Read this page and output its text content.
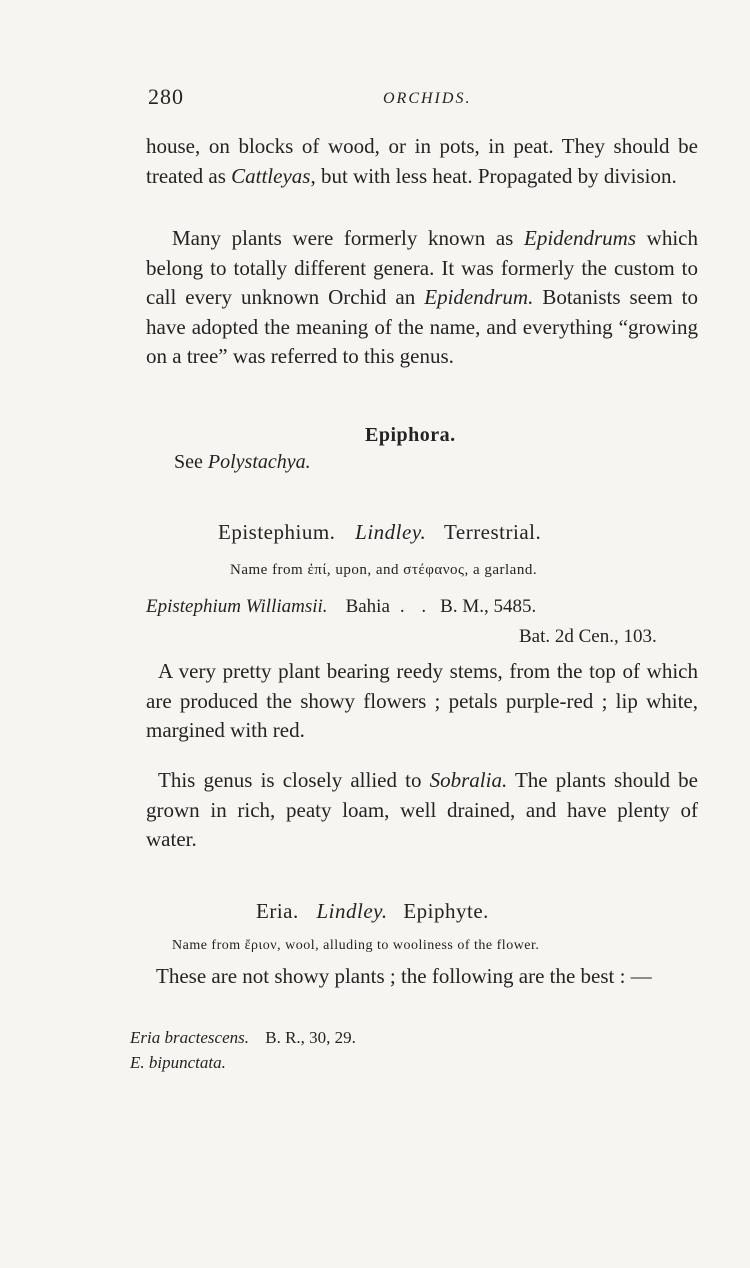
280	ORCHIDS.
house, on blocks of wood, or in pots, in peat. They should be treated as Cattleyas, but with less heat. Propagated by division.
Many plants were formerly known as Epidendrums which belong to totally different genera. It was formerly the custom to call every unknown Orchid an Epidendrum. Botanists seem to have adopted the meaning of the name, and everything “growing on a tree” was referred to this genus.
Epiphora.
See Polystachya.
Epistephium. Lindley. Terrestrial.
Name from ἐπί, upon, and στέφανος, a garland.
Epistephium Williamsii. Bahia . . B. M., 5485.
Bat. 2d Cen., 103.
A very pretty plant bearing reedy stems, from the top of which are produced the showy flowers ; petals purple-red ; lip white, margined with red.
This genus is closely allied to Sobralia. The plants should be grown in rich, peaty loam, well drained, and have plenty of water.
Eria. Lindley. Epiphyte.
Name from ἔριον, wool, alluding to wooliness of the flower.
These are not showy plants ; the following are the best : —
Eria bractescens. B. R., 30, 29.
E. bipunctata.
